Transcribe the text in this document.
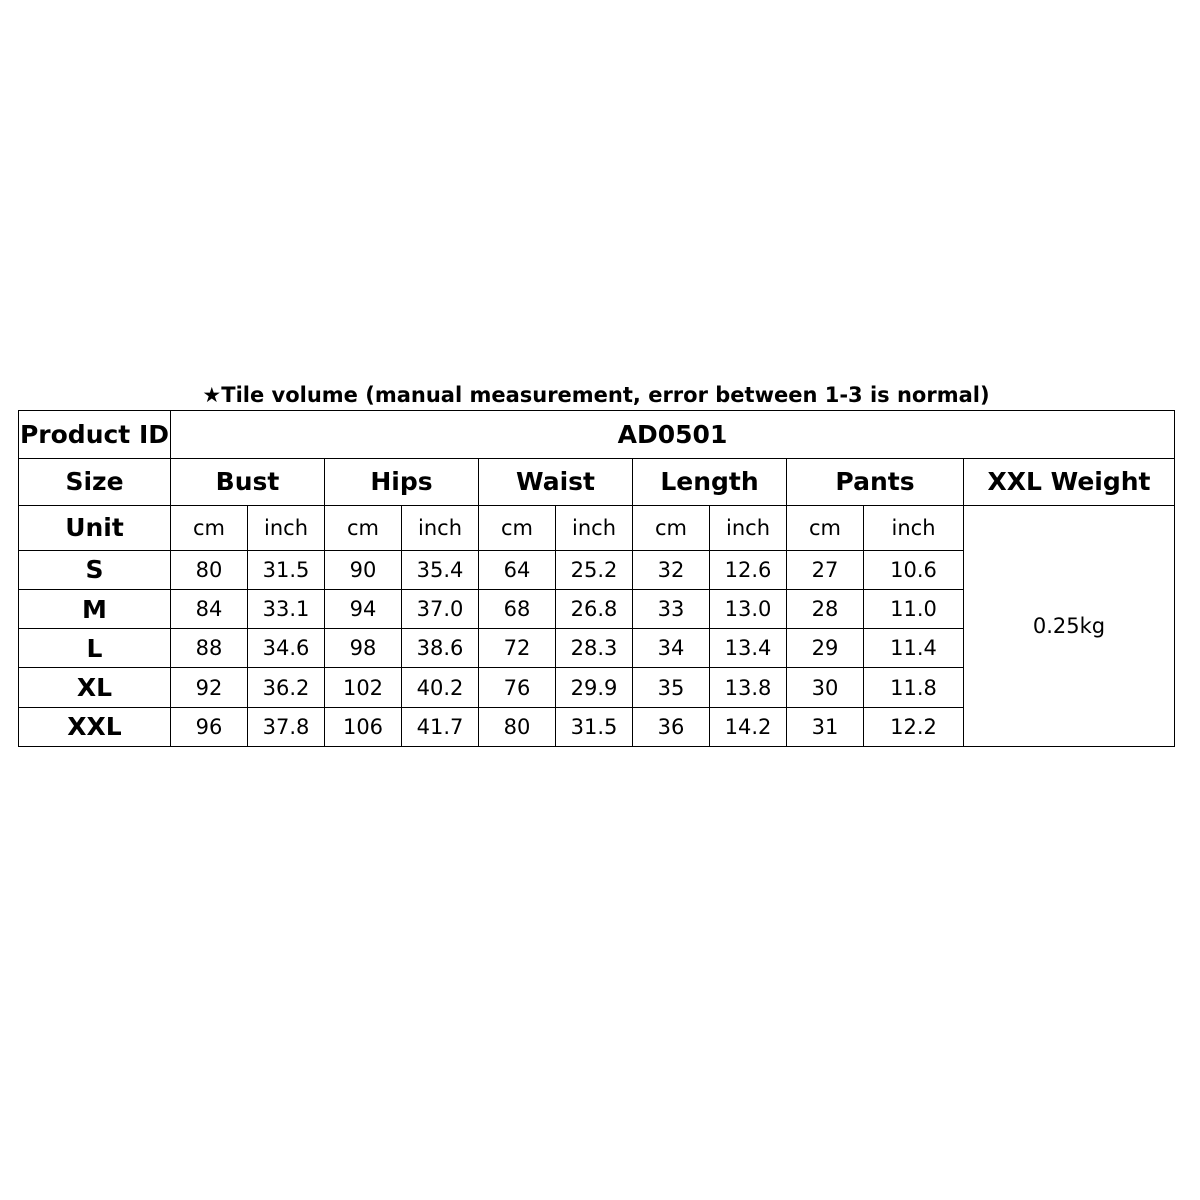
★Tile volume (manual measurement, error between 1-3 is normal)
Product ID	AD0501										
Size	Bust		Hips		Waist		Length		Pants		XXL Weight
Unit	cm	inch	cm	inch	cm	inch	cm	inch	cm	inch	0.25kg
S	80	31.5	90	35.4	64	25.2	32	12.6	27	10.6	
M	84	33.1	94	37.0	68	26.8	33	13.0	28	11.0	
L	88	34.6	98	38.6	72	28.3	34	13.4	29	11.4	
XL	92	36.2	102	40.2	76	29.9	35	13.8	30	11.8	
XXL	96	37.8	106	41.7	80	31.5	36	14.2	31	12.2	
